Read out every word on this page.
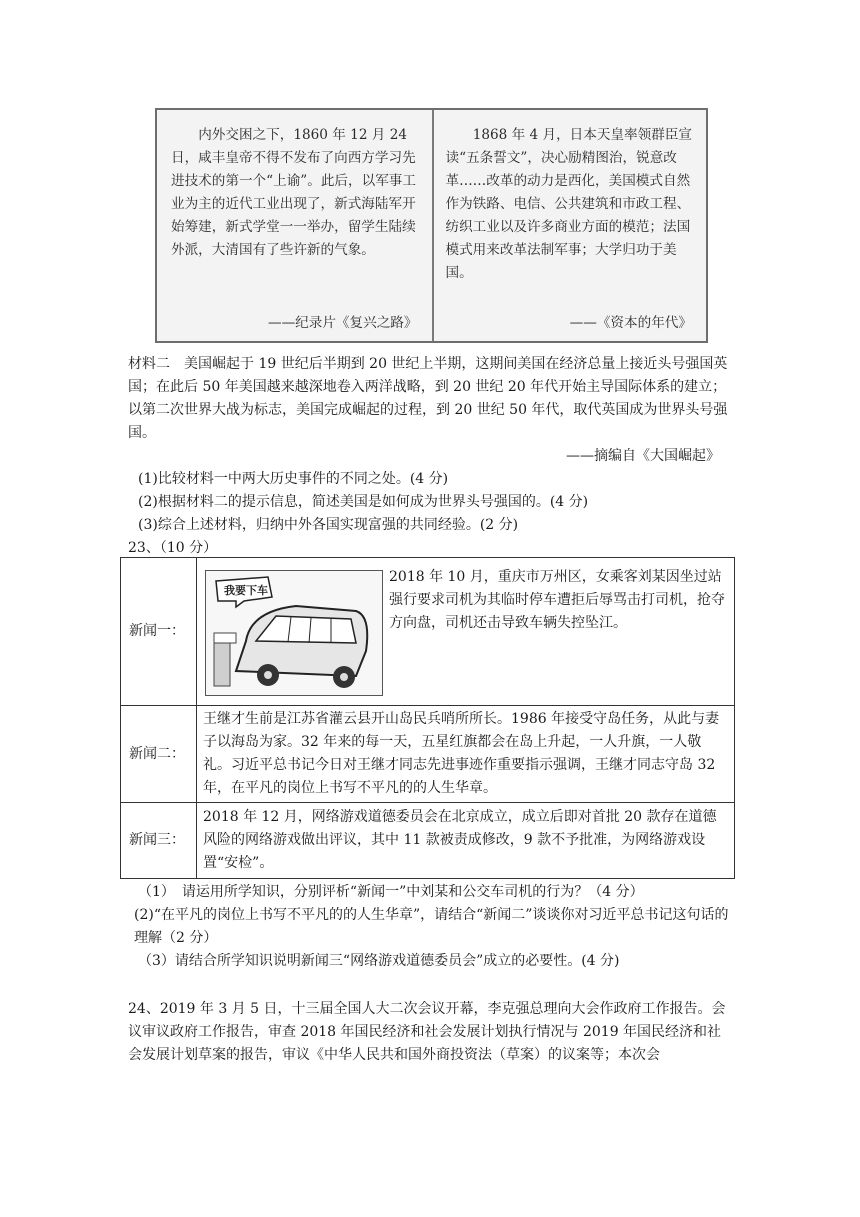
内外交困之下，1860 年 12 月 24 日，咸丰皇帝不得不发布了向西方学习先进技术的第一个“上谕”。此后，以军事工业为主的近代工业出现了，新式海陆军开始筹建，新式学堂一一举办，留学生陆续外派，大清国有了些许新的气象。

——纪录片《复兴之路》

1868 年 4 月，日本天皇率领群臣宣读“五条誓文”，决心励精图治，锐意改革……改革的动力是西化，美国模式自然作为铁路、电信、公共建筑和市政工程、纺织工业以及许多商业方面的模范；法国模式用来改革法制军事；大学归功于美国。

——《资本的年代》

材料二　美国崛起于 19 世纪后半期到 20 世纪上半期，这期间美国在经济总量上接近头号强国英国；在此后 50 年美国越来越深地卷入两洋战略，到 20 世纪 20 年代开始主导国际体系的建立；以第二次世界大战为标志，美国完成崛起的过程，到 20 世纪 50 年代，取代英国成为世界头号强国。

——摘编自《大国崛起》

(1)比较材料一中两大历史事件的不同之处。(4 分)

(2)根据材料二的提示信息，简述美国是如何成为世界头号强国的。(4 分)

(3)综合上述材料，归纳中外各国实现富强的共同经验。(2 分)

23、（10 分）

新闻一：	我要下车
2018 年 10 月，重庆市万州区，女乘客刘某因坐过站强行要求司机为其临时停车遭拒后辱骂击打司机，抢夺方向盘，司机还击导致车辆失控坠江。
新闻二：	王继才生前是江苏省灌云县开山岛民兵哨所所长。1986 年接受守岛任务，从此与妻子以海岛为家。32 年来的每一天，五星红旗都会在岛上升起，一人升旗，一人敬礼。习近平总书记今日对王继才同志先进事迹作重要指示强调，王继才同志守岛 32 年，在平凡的岗位上书写不平凡的的人生华章。
新闻三：	2018 年 12 月，网络游戏道德委员会在北京成立，成立后即对首批 20 款存在道德风险的网络游戏做出评议，其中 11 款被责成修改，9 款不予批准，为网络游戏设置“安检”。

（1）　请运用所学知识，分别评析“新闻一”中刘某和公交车司机的行为？（4 分）

(2)“在平凡的岗位上书写不平凡的的人生华章”，请结合“新闻二”谈谈你对习近平总书记这句话的理解（2 分）

（3）请结合所学知识说明新闻三“网络游戏道德委员会”成立的必要性。(4 分)

24、2019 年 3 月 5 日，十三届全国人大二次会议开幕，李克强总理向大会作政府工作报告。会议审议政府工作报告，审查 2018 年国民经济和社会发展计划执行情况与 2019 年国民经济和社会发展计划草案的报告，审议《中华人民共和国外商投资法（草案）的议案等；本次会
